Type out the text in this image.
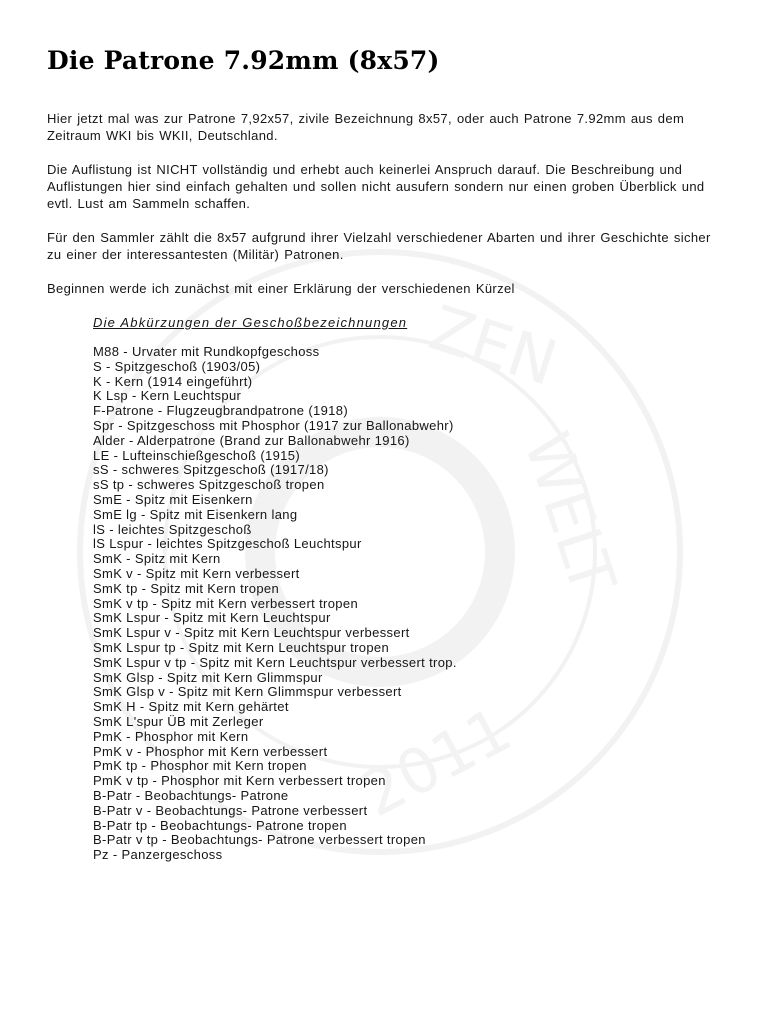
ZEN
WELT
2011
Die Patrone 7.92mm (8x57)

Hier jetzt mal was zur Patrone 7,92x57, zivile Bezeichnung 8x57, oder auch Patrone 7.92mm aus dem Zeitraum WKI bis WKII, Deutschland.

Die Auflistung ist NICHT vollständig und erhebt auch keinerlei Anspruch darauf. Die Beschreibung und Auflistungen hier sind einfach gehalten und sollen nicht ausufern sondern nur einen groben Überblick und evtl. Lust am Sammeln schaffen.

Für den Sammler zählt die 8x57 aufgrund ihrer Vielzahl verschiedener Abarten und ihrer Geschichte sicher zu einer der interessantesten (Militär) Patronen.

Beginnen werde ich zunächst mit einer Erklärung der verschiedenen Kürzel

Die Abkürzungen der Geschoßbezeichnungen

M88 - Urvater mit Rundkopfgeschoss
S - Spitzgeschoß (1903/05)
K - Kern (1914 eingeführt)
K Lsp - Kern Leuchtspur
F-Patrone - Flugzeugbrandpatrone (1918)
Spr - Spitzgeschoss mit Phosphor (1917 zur Ballonabwehr)
Alder - Alderpatrone (Brand zur Ballonabwehr 1916)
LE - Lufteinschießgeschoß (1915)
sS - schweres Spitzgeschoß (1917/18)
sS tp - schweres Spitzgeschoß tropen
SmE - Spitz mit Eisenkern
SmE lg - Spitz mit Eisenkern lang
lS - leichtes Spitzgeschoß
lS Lspur - leichtes Spitzgeschoß Leuchtspur
SmK - Spitz mit Kern
SmK v - Spitz mit Kern verbessert
SmK tp - Spitz mit Kern tropen
SmK v tp - Spitz mit Kern verbessert tropen
SmK Lspur - Spitz mit Kern Leuchtspur
SmK Lspur v - Spitz mit Kern Leuchtspur verbessert
SmK Lspur tp - Spitz mit Kern Leuchtspur tropen
SmK Lspur v tp - Spitz mit Kern Leuchtspur verbessert trop.
SmK Glsp - Spitz mit Kern Glimmspur
SmK Glsp v - Spitz mit Kern Glimmspur verbessert
SmK H - Spitz mit Kern gehärtet
SmK L'spur ÜB mit Zerleger
PmK - Phosphor mit Kern
PmK v - Phosphor mit Kern verbessert
PmK tp - Phosphor mit Kern tropen
PmK v tp - Phosphor mit Kern verbessert tropen
B-Patr - Beobachtungs- Patrone
B-Patr v - Beobachtungs- Patrone verbessert
B-Patr tp - Beobachtungs- Patrone tropen
B-Patr v tp - Beobachtungs- Patrone verbessert tropen
Pz - Panzergeschoss
